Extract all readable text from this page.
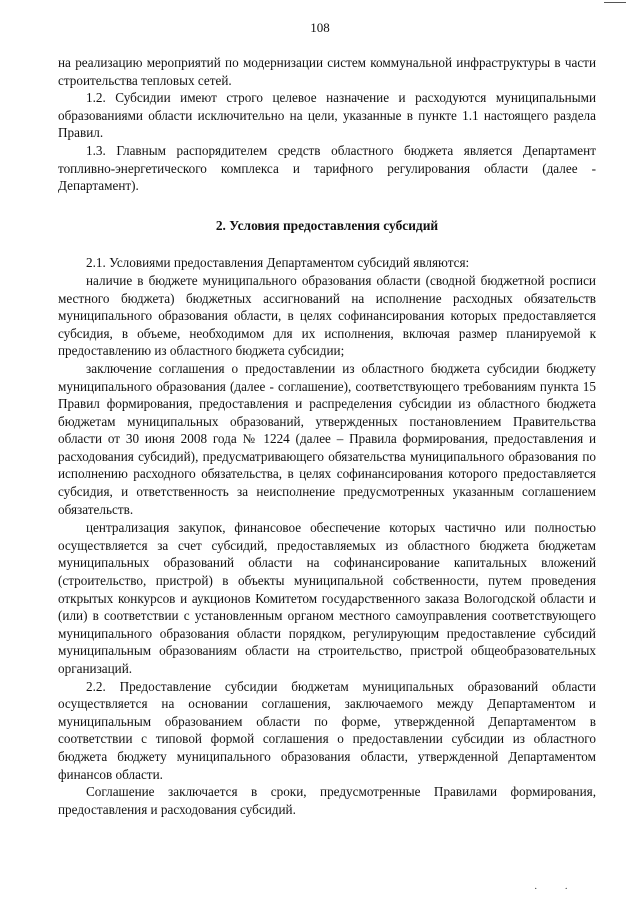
108

на реализацию мероприятий по модернизации систем коммунальной инфраструктуры в части строительства тепловых сетей.

1.2. Субсидии имеют строго целевое назначение и расходуются муниципальными образованиями области исключительно на цели, указанные в пункте 1.1 настоящего раздела Правил.

1.3. Главным распорядителем средств областного бюджета является Департамент топливно-энергетического комплекса и тарифного регулирования области (далее - Департамент).

2. Условия предоставления субсидий

2.1. Условиями предоставления Департаментом субсидий являются:

наличие в бюджете муниципального образования области (сводной бюджетной росписи местного бюджета) бюджетных ассигнований на исполнение расходных обязательств муниципального образования области, в целях софинансирования которых предоставляется субсидия, в объеме, необходимом для их исполнения, включая размер планируемой к предоставлению из областного бюджета субсидии;

заключение соглашения о предоставлении из областного бюджета субсидии бюджету муниципального образования (далее - соглашение), соответствующего требованиям пункта 15 Правил формирования, предоставления и распределения субсидии из областного бюджета бюджетам муниципальных образований, утвержденных постановлением Правительства области от 30 июня 2008 года № 1224 (далее – Правила формирования, предоставления и расходования субсидий), предусматривающего обязательства муниципального образования по исполнению расходного обязательства, в целях софинансирования которого предоставляется субсидия, и ответственность за неисполнение предусмотренных указанным соглашением обязательств.

централизация закупок, финансовое обеспечение которых частично или полностью осуществляется за счет субсидий, предоставляемых из областного бюджета бюджетам муниципальных образований области на софинансирование капитальных вложений (строительство, пристрой) в объекты муниципальной собственности, путем проведения открытых конкурсов и аукционов Комитетом государственного заказа Вологодской области и (или) в соответствии с установленным органом местного самоуправления соответствующего муниципального образования области порядком, регулирующим предоставление субсидий муниципальным образованиям области на строительство, пристрой общеобразовательных организаций.

2.2. Предоставление субсидии бюджетам муниципальных образований области осуществляется на основании соглашения, заключаемого между Департаментом и муниципальным образованием области по форме, утвержденной Департаментом в соответствии с типовой формой соглашения о предоставлении субсидии из областного бюджета бюджету муниципального образования области, утвержденной Департаментом финансов области.

Соглашение заключается в сроки, предусмотренные Правилами формирования, предоставления и расходования субсидий.

· ·
